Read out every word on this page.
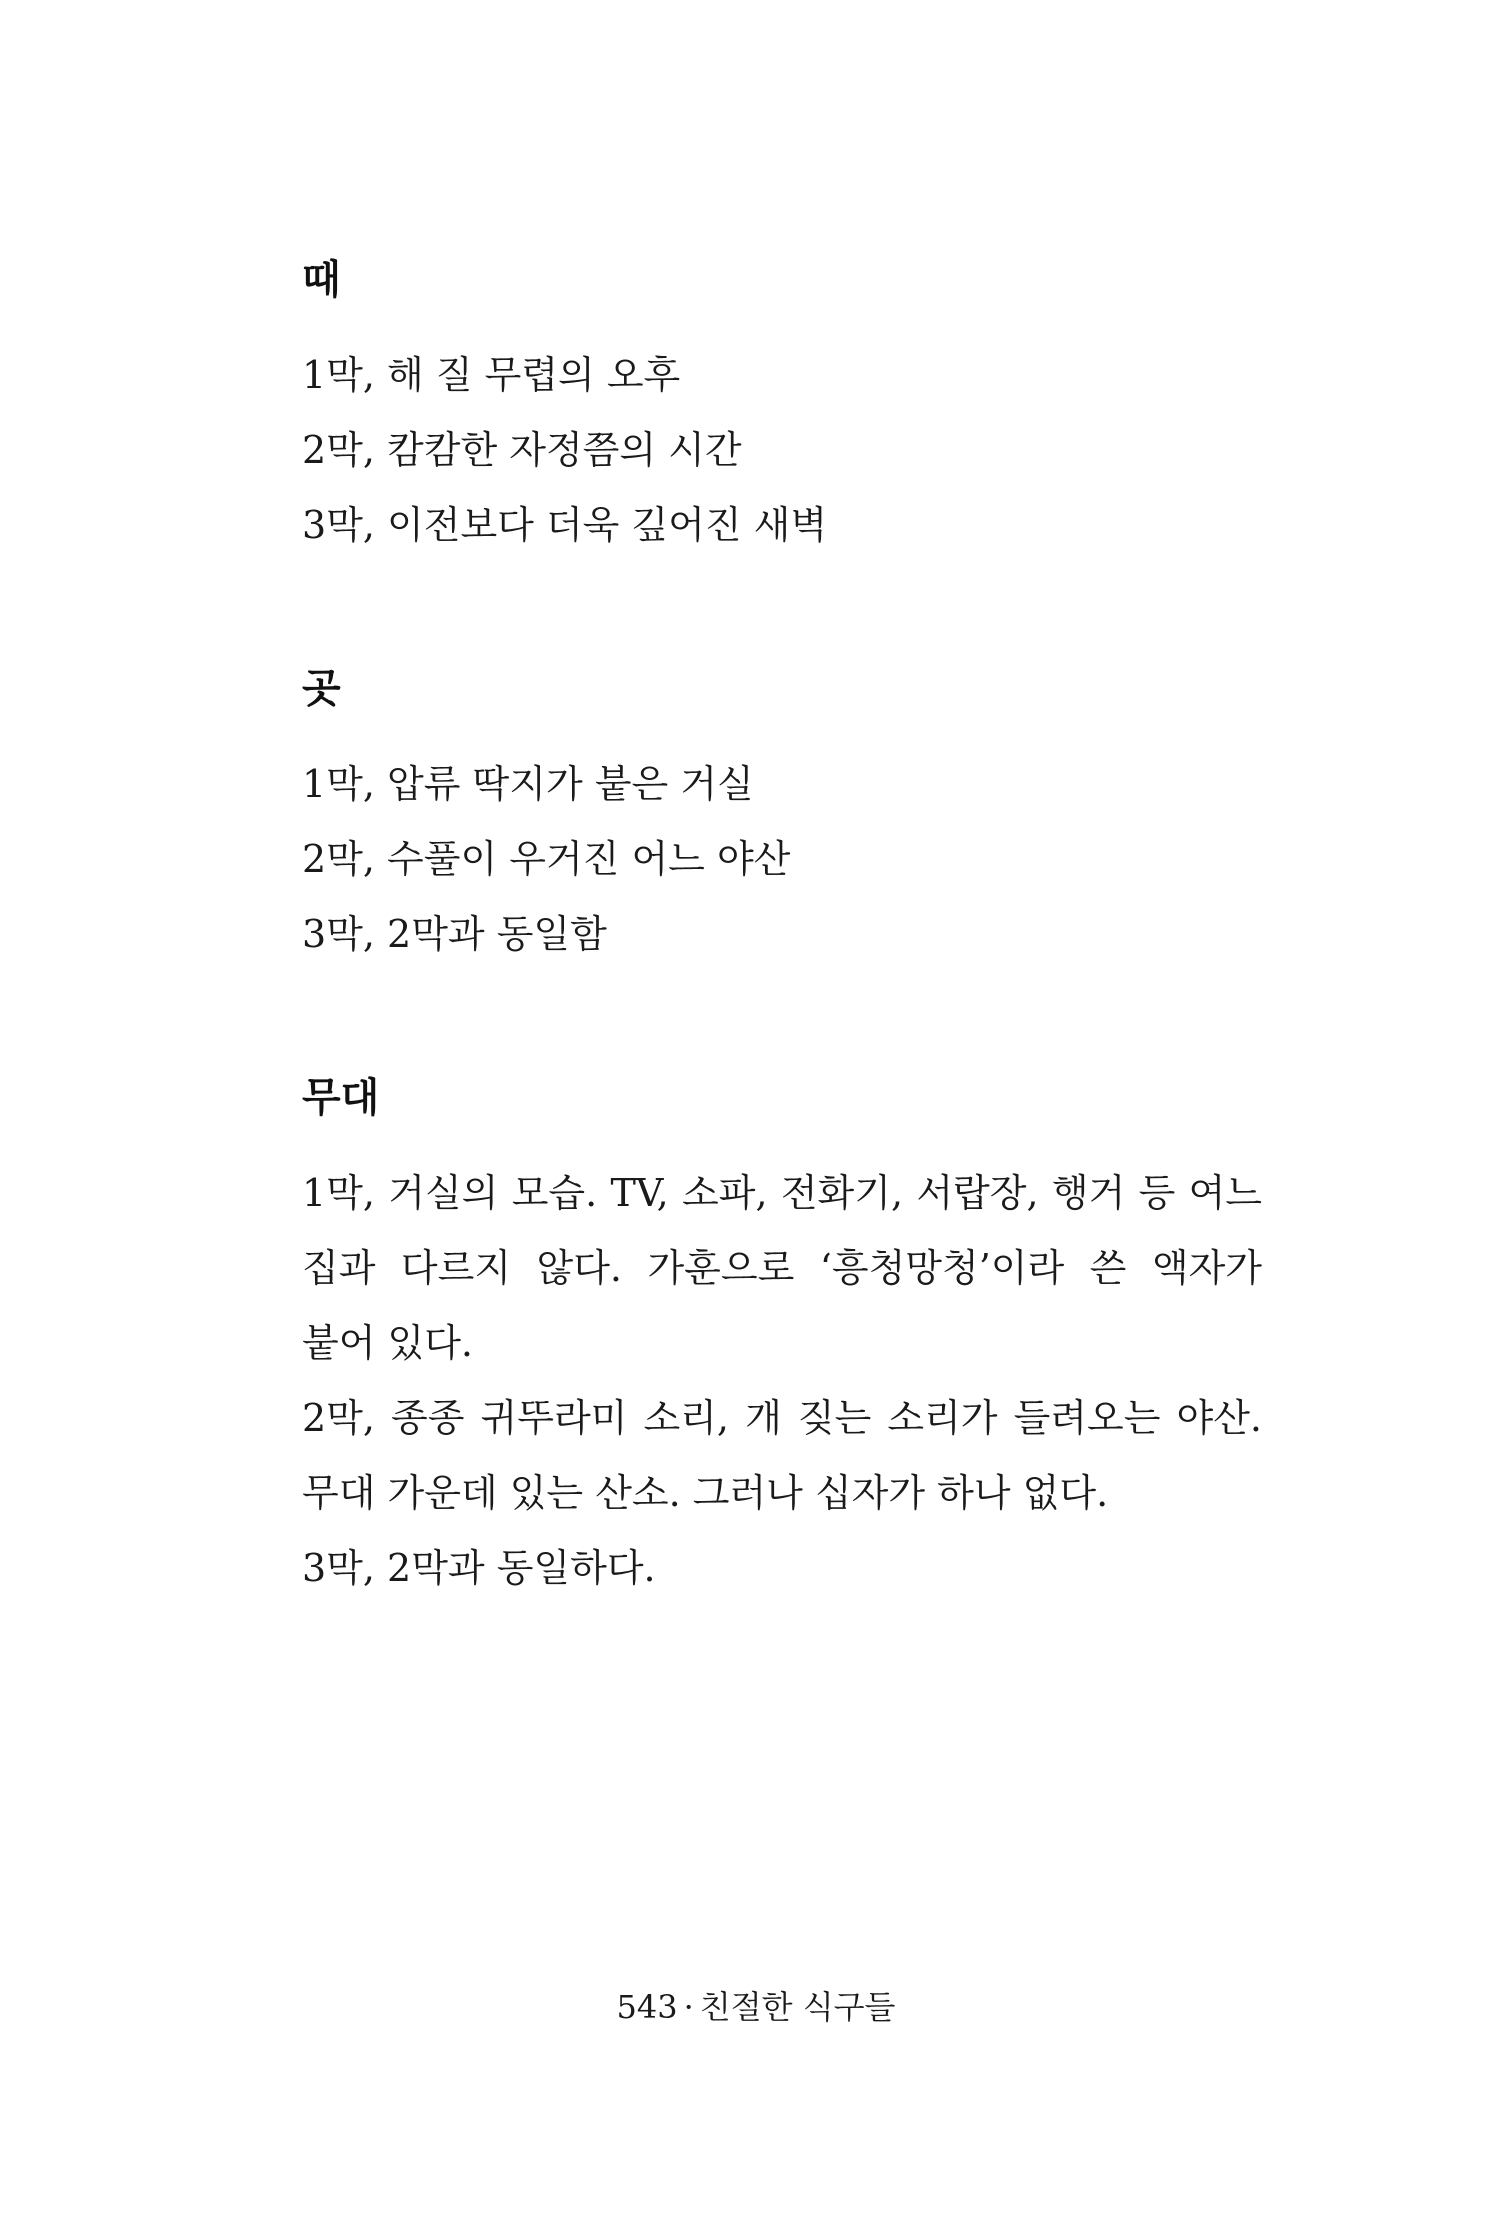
때

1막, 해 질 무렵의 오후

2막, 캄캄한 자정쯤의 시간

3막, 이전보다 더욱 깊어진 새벽

곳

1막, 압류 딱지가 붙은 거실

2막, 수풀이 우거진 어느 야산

3막, 2막과 동일함

무대

1막, 거실의 모습. TV, 소파, 전화기, 서랍장, 행거 등 여느 집과 다르지 않다. 가훈으로 ‘흥청망청’이라 쓴 액자가 붙어 있다.

2막, 종종 귀뚜라미 소리, 개 짖는 소리가 들려오는 야산. 무대 가운데 있는 산소. 그러나 십자가 하나 없다.

3막, 2막과 동일하다.

543 · 친절한 식구들
